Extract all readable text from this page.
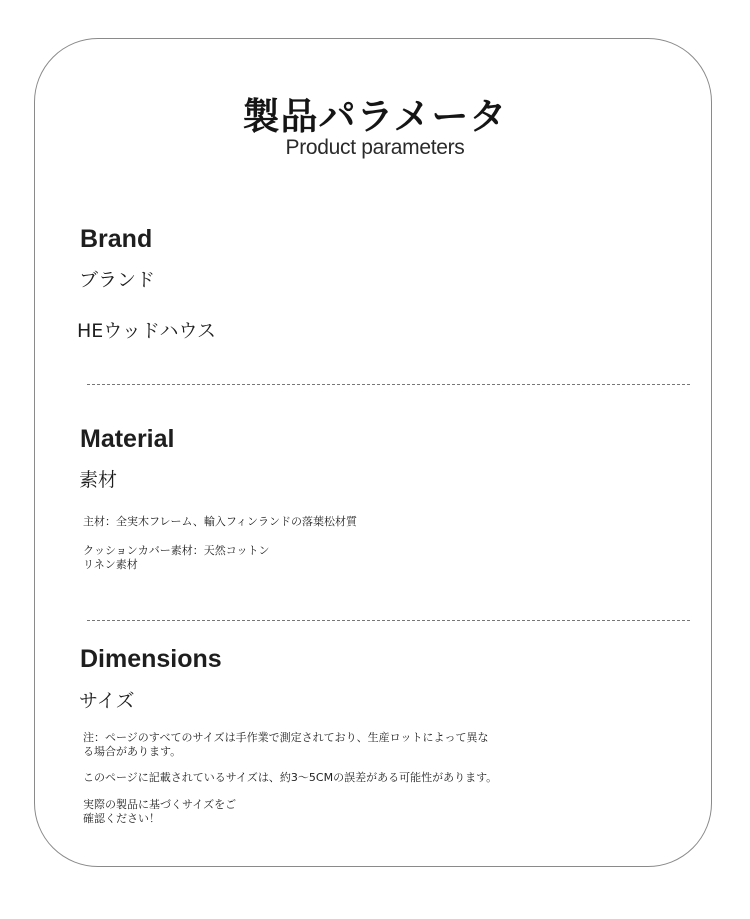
製品パラメータ
Product parameters
Brand
ブランド
HEウッドハウス
Material
素材
主材：全実木フレーム、輸入フィンランドの落葉松材質
クッションカバー素材：天然コットン
リネン素材
Dimensions
サイズ
注：ページのすべてのサイズは手作業で測定されており、生産ロットによって異な
る場合があります。
このページに記載されているサイズは、約3〜5CMの誤差がある可能性があります。
実際の製品に基づくサイズをご
確認ください！
